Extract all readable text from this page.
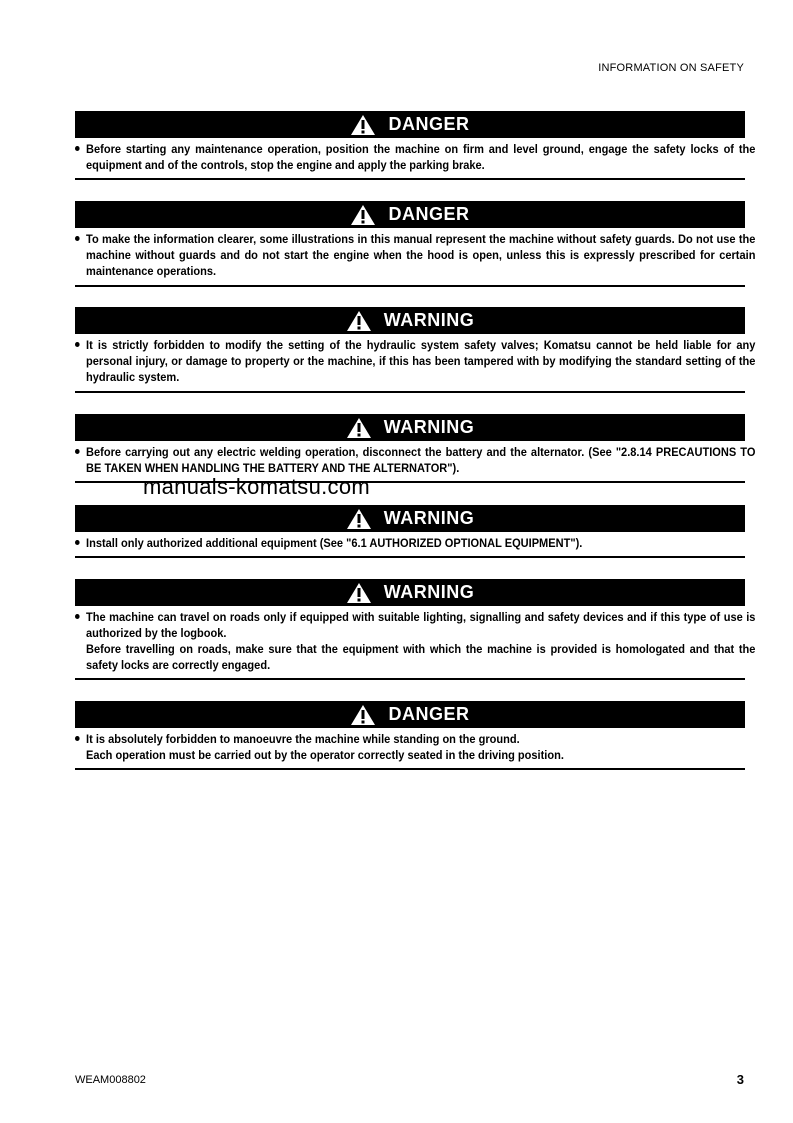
INFORMATION ON SAFETY
DANGER

Before starting any maintenance operation, position the machine on firm and level ground, engage the safety locks of the equipment and of the controls, stop the engine and apply the parking brake.

DANGER

To make the information clearer, some illustrations in this manual represent the machine without safety guards. Do not use the machine without guards and do not start the engine when the hood is open, unless this is expressly prescribed for certain maintenance operations.

WARNING

It is strictly forbidden to modify the setting of the hydraulic system safety valves; Komatsu cannot be held liable for any personal injury, or damage to property or the machine, if this has been tampered with by modifying the standard setting of the hydraulic system.

WARNING

Before carrying out any electric welding operation, disconnect the battery and the alternator. (See "2.8.14 PRECAUTIONS TO BE TAKEN WHEN HANDLING THE BATTERY AND THE ALTERNATOR").

manuals-komatsu.com
WARNING

Install only authorized additional equipment (See "6.1 AUTHORIZED OPTIONAL EQUIPMENT").

WARNING

The machine can travel on roads only if equipped with suitable lighting, signalling and safety devices and if this type of use is authorized by the logbook.

Before travelling on roads, make sure that the equipment with which the machine is provided is homologated and that the safety locks are correctly engaged.

DANGER

It is absolutely forbidden to manoeuvre the machine while standing on the ground.

Each operation must be carried out by the operator correctly seated in the driving position.

WEAM008802	3
